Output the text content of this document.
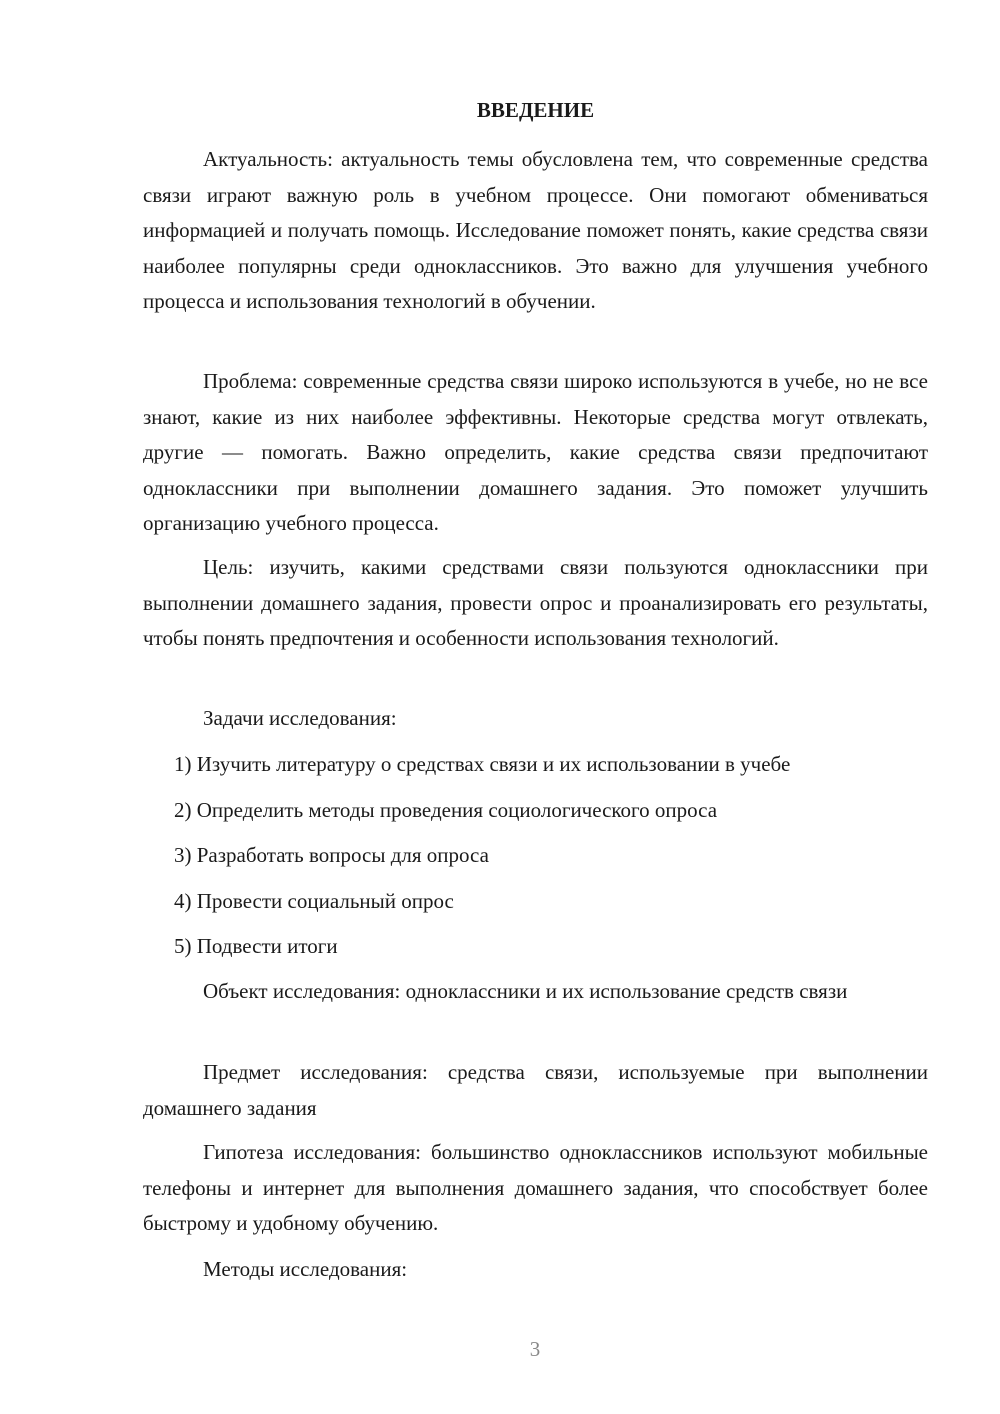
ВВЕДЕНИЕ

Актуальность: актуальность темы обусловлена тем, что современные средства связи играют важную роль в учебном процессе. Они помогают обмениваться информацией и получать помощь. Исследование поможет понять, какие средства связи наиболее популярны среди одноклассников. Это важно для улучшения учебного процесса и использования технологий в обучении.

Проблема: современные средства связи широко используются в учебе, но не все знают, какие из них наиболее эффективны. Некоторые средства могут отвлекать, другие — помогать. Важно определить, какие средства связи предпочитают одноклассники при выполнении домашнего задания. Это поможет улучшить организацию учебного процесса.

Цель: изучить, какими средствами связи пользуются одноклассники при выполнении домашнего задания, провести опрос и проанализировать его результаты, чтобы понять предпочтения и особенности использования технологий.

Задачи исследования:
1) Изучить литературу о средствах связи и их использовании в учебе
2) Определить методы проведения социологического опроса
3) Разработать вопросы для опроса
4) Провести социальный опрос
5) Подвести итоги

Объект исследования: одноклассники и их использование средств связи

Предмет исследования: средства связи, используемые при выполнении домашнего задания

Гипотеза исследования: большинство одноклассников используют мобильные телефоны и интернет для выполнения домашнего задания, что способствует более быстрому и удобному обучению.

Методы исследования:
3
